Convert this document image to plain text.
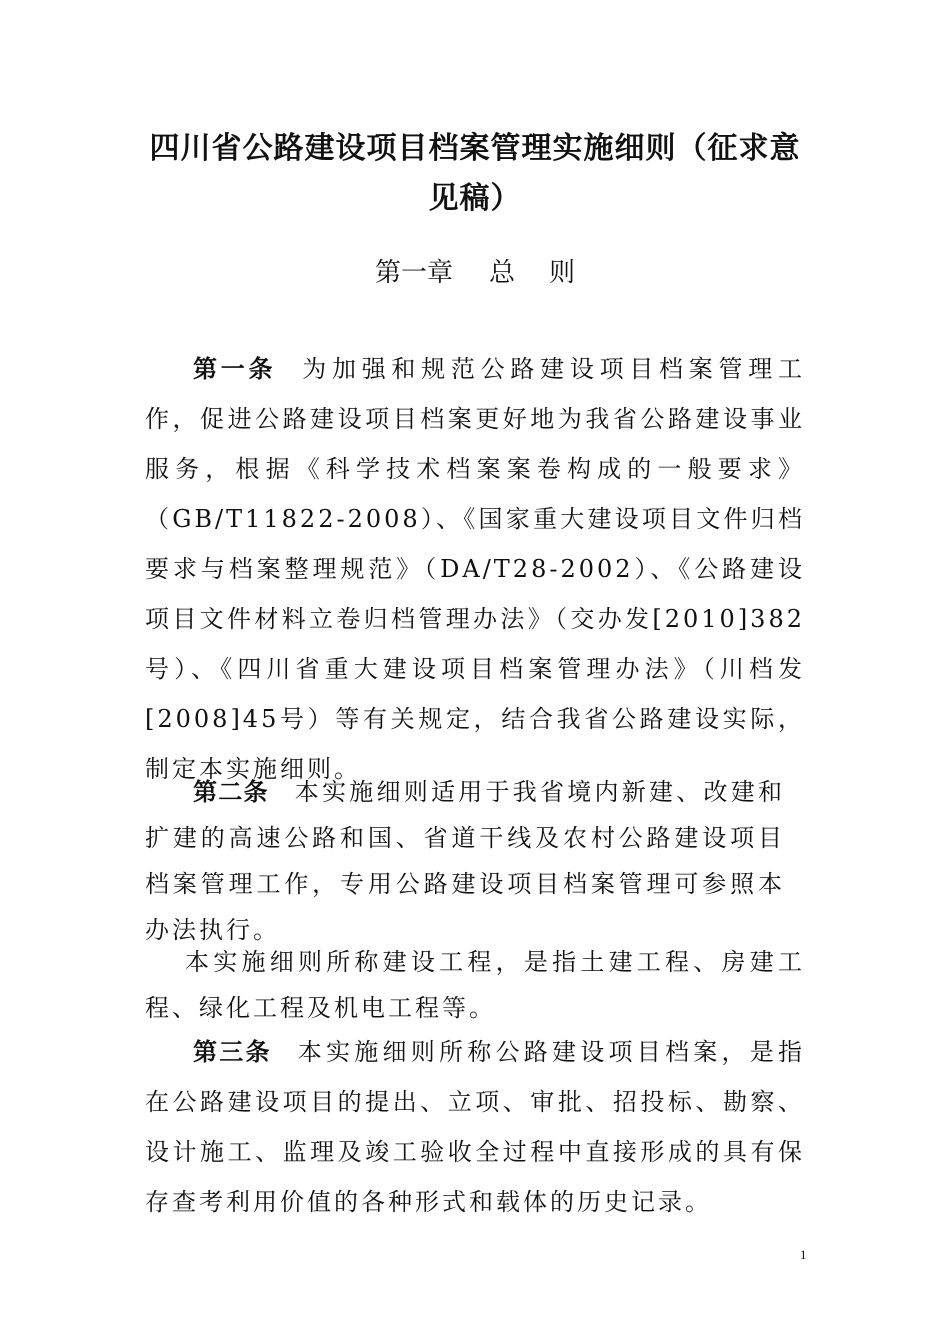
四川省公路建设项目档案管理实施细则（征求意见稿）
第一章 总 则

第一条 为加强和规范公路建设项目档案管理工作，促进公路建设项目档案更好地为我省公路建设事业服务，根据《科学技术档案案卷构成的一般要求》（GB/T11822-2008）、《国家重大建设项目文件归档要求与档案整理规范》（DA/T28-2002）、《公路建设项目文件材料立卷归档管理办法》（交办发[2010]382号）、《四川省重大建设项目档案管理办法》（川档发[2008]45号）等有关规定，结合我省公路建设实际，制定本实施细则。

第二条 本实施细则适用于我省境内新建、改建和扩建的高速公路和国、省道干线及农村公路建设项目档案管理工作，专用公路建设项目档案管理可参照本办法执行。

本实施细则所称建设工程，是指土建工程、房建工程、绿化工程及机电工程等。

第三条 本实施细则所称公路建设项目档案，是指在公路建设项目的提出、立项、审批、招投标、勘察、设计施工、监理及竣工验收全过程中直接形成的具有保存查考利用价值的各种形式和载体的历史记录。

1
